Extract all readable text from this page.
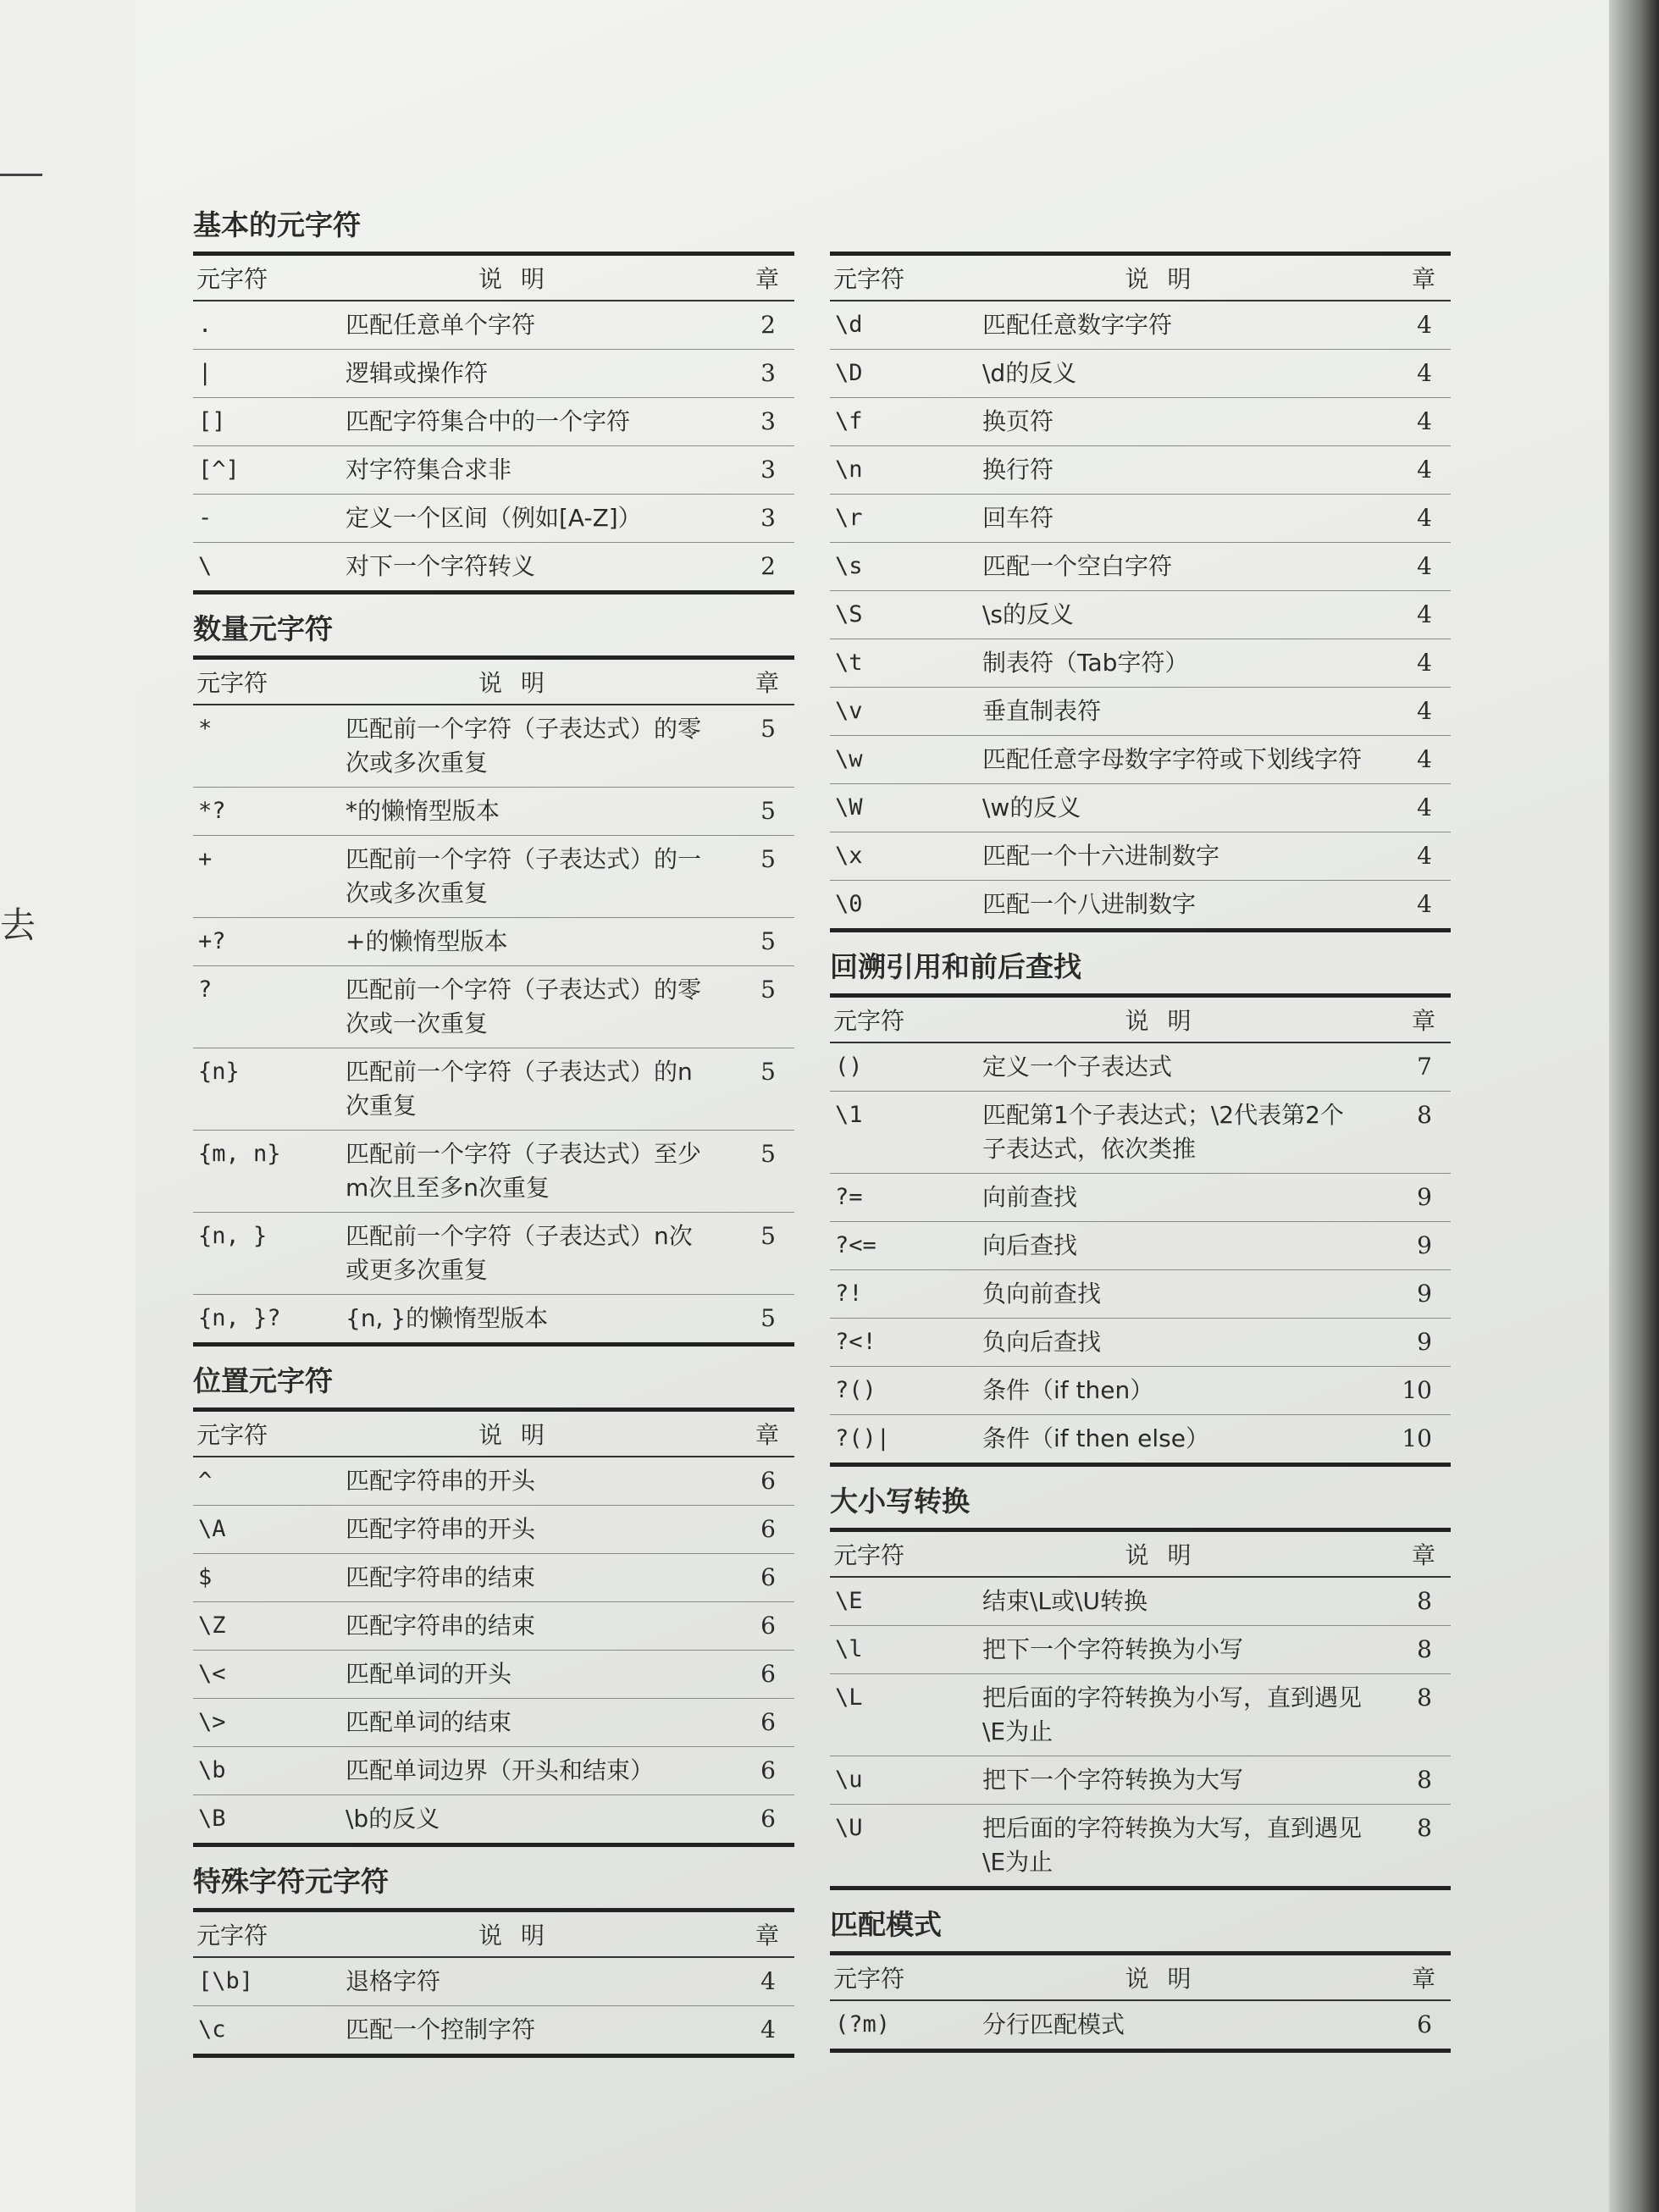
去
基本的元字符
元字符	说明	章
.	匹配任意单个字符	2
|	逻辑或操作符	3
[]	匹配字符集合中的一个字符	3
[^]	对字符集合求非	3
-	定义一个区间（例如[A-Z]）	3
\	对下一个字符转义	2
数量元字符
元字符	说明	章
*	匹配前一个字符（子表达式）的零次或多次重复	5
*?	*的懒惰型版本	5
+	匹配前一个字符（子表达式）的一次或多次重复	5
+?	+的懒惰型版本	5
?	匹配前一个字符（子表达式）的零次或一次重复	5
{n}	匹配前一个字符（子表达式）的n次重复	5
{m, n}	匹配前一个字符（子表达式）至少m次且至多n次重复	5
{n, }	匹配前一个字符（子表达式）n次或更多次重复	5
{n, }?	{n, }的懒惰型版本	5
位置元字符
元字符	说明	章
^	匹配字符串的开头	6
\A	匹配字符串的开头	6
$	匹配字符串的结束	6
\Z	匹配字符串的结束	6
\<	匹配单词的开头	6
\>	匹配单词的结束	6
\b	匹配单词边界（开头和结束）	6
\B	\b的反义	6
特殊字符元字符
元字符	说明	章
[\b]	退格字符	4
\c	匹配一个控制字符	4
元字符	说明	章
\d	匹配任意数字字符	4
\D	\d的反义	4
\f	换页符	4
\n	换行符	4
\r	回车符	4
\s	匹配一个空白字符	4
\S	\s的反义	4
\t	制表符（Tab字符）	4
\v	垂直制表符	4
\w	匹配任意字母数字字符或下划线字符	4
\W	\w的反义	4
\x	匹配一个十六进制数字	4
\0	匹配一个八进制数字	4
回溯引用和前后查找
元字符	说明	章
()	定义一个子表达式	7
\1	匹配第1个子表达式；\2代表第2个子表达式，依次类推	8
?=	向前查找	9
?<=	向后查找	9
?!	负向前查找	9
?<!	负向后查找	9
?()	条件（if then）	10
?()|	条件（if then else）	10
大小写转换
元字符	说明	章
\E	结束\L或\U转换	8
\l	把下一个字符转换为小写	8
\L	把后面的字符转换为小写，直到遇见\E为止	8
\u	把下一个字符转换为大写	8
\U	把后面的字符转换为大写，直到遇见\E为止	8
匹配模式
元字符	说明	章
(?m)	分行匹配模式	6
